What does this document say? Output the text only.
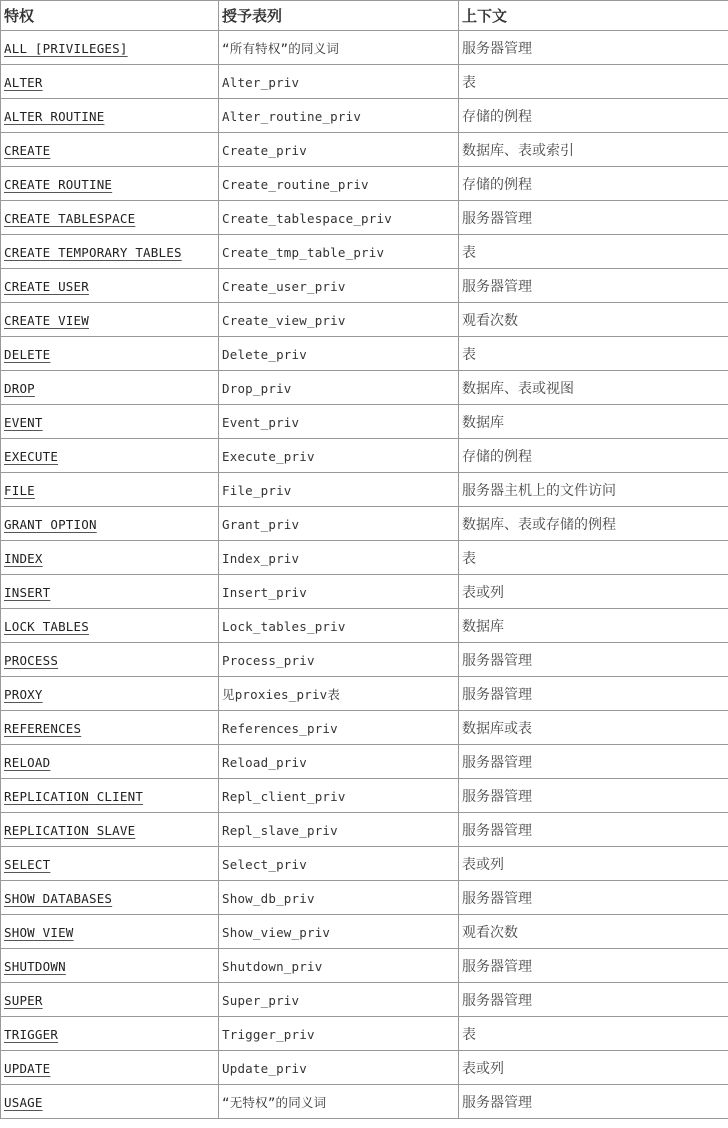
特权	授予表列	上下文
ALL [PRIVILEGES]	“所有特权”的同义词	服务器管理
ALTER	Alter_priv	表
ALTER ROUTINE	Alter_routine_priv	存储的例程
CREATE	Create_priv	数据库、表或索引
CREATE ROUTINE	Create_routine_priv	存储的例程
CREATE TABLESPACE	Create_tablespace_priv	服务器管理
CREATE TEMPORARY TABLES	Create_tmp_table_priv	表
CREATE USER	Create_user_priv	服务器管理
CREATE VIEW	Create_view_priv	观看次数
DELETE	Delete_priv	表
DROP	Drop_priv	数据库、表或视图
EVENT	Event_priv	数据库
EXECUTE	Execute_priv	存储的例程
FILE	File_priv	服务器主机上的文件访问
GRANT OPTION	Grant_priv	数据库、表或存储的例程
INDEX	Index_priv	表
INSERT	Insert_priv	表或列
LOCK TABLES	Lock_tables_priv	数据库
PROCESS	Process_priv	服务器管理
PROXY	见proxies_priv表	服务器管理
REFERENCES	References_priv	数据库或表
RELOAD	Reload_priv	服务器管理
REPLICATION CLIENT	Repl_client_priv	服务器管理
REPLICATION SLAVE	Repl_slave_priv	服务器管理
SELECT	Select_priv	表或列
SHOW DATABASES	Show_db_priv	服务器管理
SHOW VIEW	Show_view_priv	观看次数
SHUTDOWN	Shutdown_priv	服务器管理
SUPER	Super_priv	服务器管理
TRIGGER	Trigger_priv	表
UPDATE	Update_priv	表或列
USAGE	“无特权”的同义词	服务器管理
